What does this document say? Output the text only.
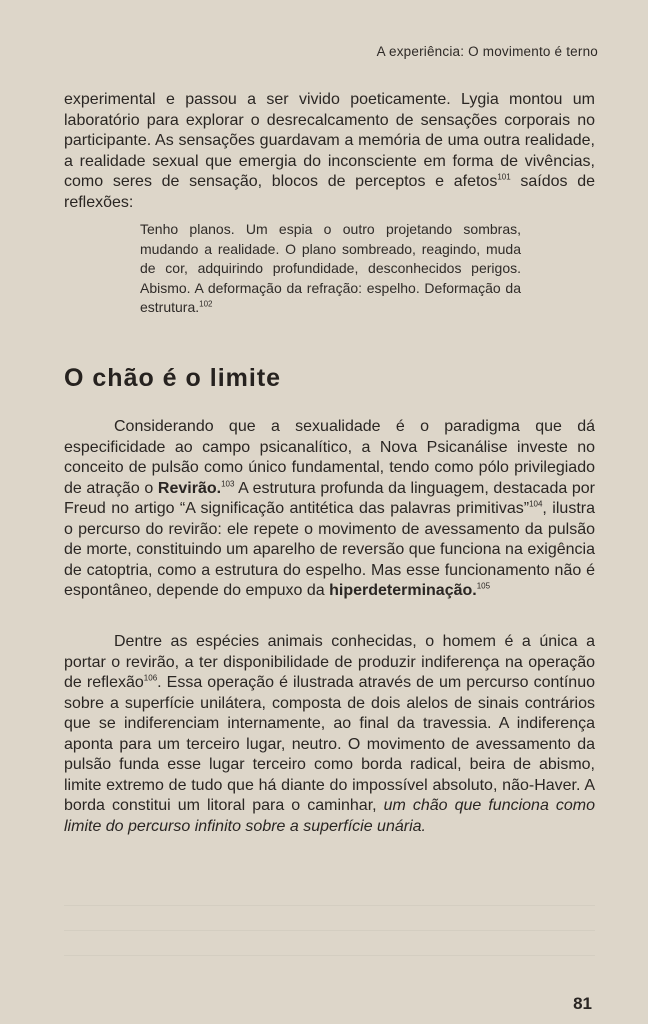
A experiência: O movimento é terno

experimental e passou a ser vivido poeticamente. Lygia montou um laboratório para explorar o desrecalcamento de sensações corporais no participante. As sensações guardavam a memória de uma outra realidade, a realidade sexual que emergia do inconsciente em forma de vivências, como seres de sensação, blocos de perceptos e afetos$^{101}$ saídos de reflexões:

Tenho planos. Um espia o outro projetando sombras, mudando a realidade. O plano sombreado, reagindo, muda de cor, adquirindo profundidade, desconhecidos perigos. Abismo. A deformação da refração: espelho. Deformação da estrutura.$^{102}$

O chão é o limite

Considerando que a sexualidade é o paradigma que dá especificidade ao campo psicanalítico, a Nova Psicanálise investe no conceito de pulsão como único fundamental, tendo como pólo privilegiado de atração o Revirão.$^{103}$ A estrutura profunda da linguagem, destacada por Freud no artigo “A significação antitética das palavras primitivas”$^{104}$, ilustra o percurso do revirão: ele repete o movimento de avessamento da pulsão de morte, constituindo um aparelho de reversão que funciona na exigência de catoptria, como a estrutura do espelho. Mas esse funcionamento não é espontâneo, depende do empuxo da hiperdeterminação.$^{105}$

Dentre as espécies animais conhecidas, o homem é a única a portar o revirão, a ter disponibilidade de produzir indiferença na operação de reflexão$^{106}$. Essa operação é ilustrada através de um percurso contínuo sobre a superfície unilátera, composta de dois alelos de sinais contrários que se indiferenciam internamente, ao final da travessia. A indiferença aponta para um terceiro lugar, neutro. O movimento de avessamento da pulsão funda esse lugar terceiro como borda radical, beira de abismo, limite extremo de tudo que há diante do impossível absoluto, não-Haver. A borda constitui um litoral para o caminhar, um chão que funciona como limite do percurso infinito sobre a superfície unária.

81
